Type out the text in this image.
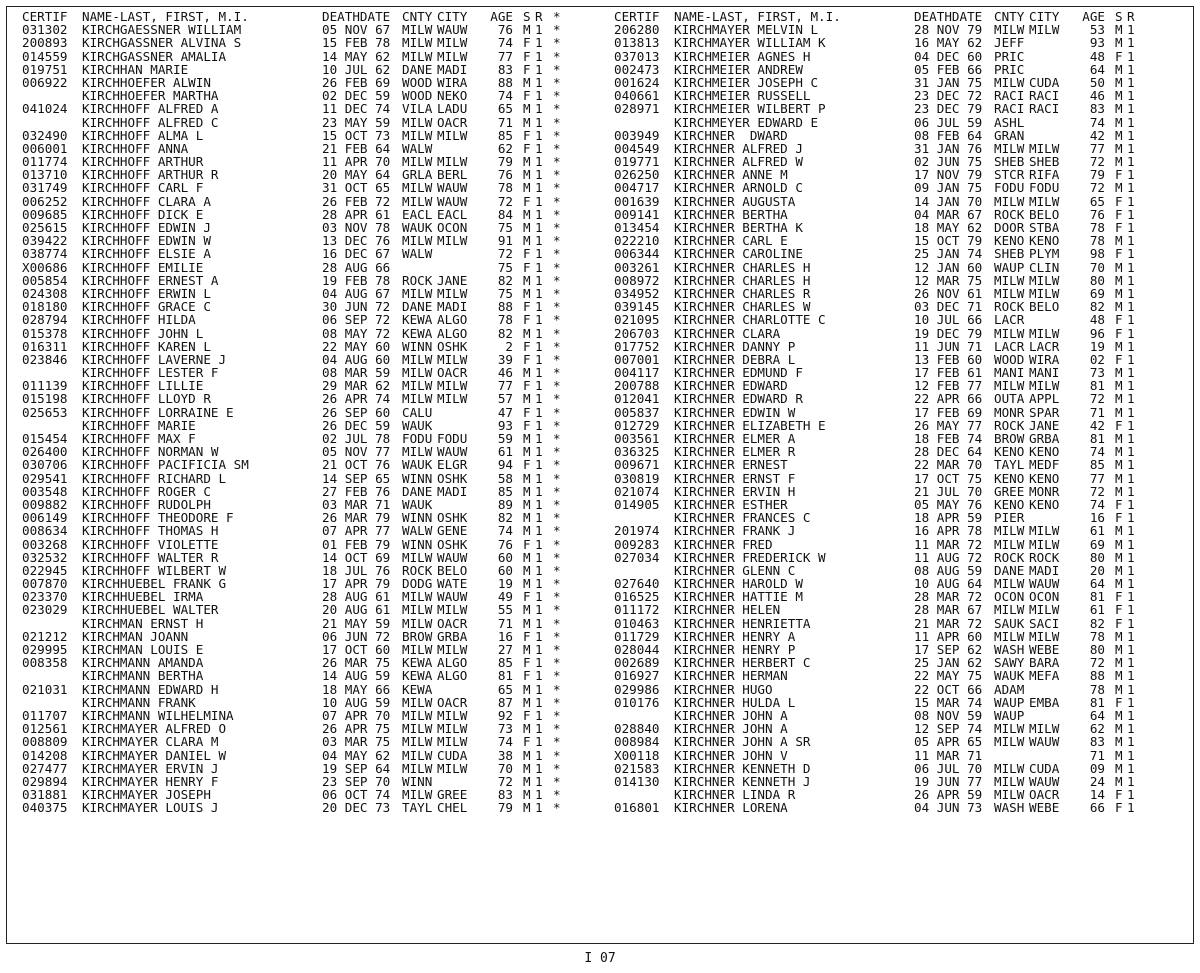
CERTIF	NAME-LAST, FIRST, M.I.	DEATHDATE CNTY CITY	AGE S R *
031302	KIRCHGAESSNER WILLIAM	05 NOV 67 MILW WAUW	76 M 1 *
200893	KIRCHGASSNER ALVINA S	15 FEB 78 MILW MILW	74 F 1 *
014559	KIRCHGASSNER AMALIA	14 MAY 62 MILW MILW	77 F 1 *
019751	KIRCHHAN MARIE	10 JUL 62 DANE MADI	83 F 1 *
006922	KIRCHHOEFER ALWIN	26 FEB 69 WOOD WIRA	88 M 1 *
KIRCHHOEFER MARTHA	02 DEC 59 WOOD NEKO	74 F 1 *
041024	KIRCHHOFF ALFRED A	11 DEC 74 VILA LADU	65 M 1 *
KIRCHHOFF ALFRED C	23 MAY 59 MILW OACR	71 M 1 *
032490	KIRCHHOFF ALMA L	15 OCT 73 MILW MILW	85 F 1 *
006001	KIRCHHOFF ANNA	21 FEB 64 WALW	62 F 1 *
011774	KIRCHHOFF ARTHUR	11 APR 70 MILW MILW	79 M 1 *
013710	KIRCHHOFF ARTHUR R	20 MAY 64 GRLA BERL	76 M 1 *
031749	KIRCHHOFF CARL F	31 OCT 65 MILW WAUW	78 M 1 *
006252	KIRCHHOFF CLARA A	26 FEB 72 MILW WAUW	72 F 1 *
009685	KIRCHHOFF DICK E	28 APR 61 EACL EACL	84 M 1 *
025615	KIRCHHOFF EDWIN J	03 NOV 78 WAUK OCON	75 M 1 *
039422	KIRCHHOFF EDWIN W	13 DEC 76 MILW MILW	91 M 1 *
038774	KIRCHHOFF ELSIE A	16 DEC 67 WALW	72 F 1 *
X00686	KIRCHHOFF EMILIE	28 AUG 66	75 F 1 *
005854	KIRCHHOFF ERNEST A	19 FEB 78 ROCK JANE	82 M 1 *
024308	KIRCHHOFF ERWIN L	04 AUG 67 MILW MILW	75 M 1 *
018180	KIRCHHOFF GRACE C	30 JUN 72 DANE MADI	88 F 1 *
028794	KIRCHHOFF HILDA	06 SEP 72 KEWA ALGO	78 F 1 *
015378	KIRCHHOFF JOHN L	08 MAY 72 KEWA ALGO	82 M 1 *
016311	KIRCHHOFF KAREN L	22 MAY 60 WINN OSHK	2 F 1 *
023846	KIRCHHOFF LAVERNE J	04 AUG 60 MILW MILW	39 F 1 *
KIRCHHOFF LESTER F	08 MAR 59 MILW OACR	46 M 1 *
011139	KIRCHHOFF LILLIE	29 MAR 62 MILW MILW	77 F 1 *
015198	KIRCHHOFF LLOYD R	26 APR 74 MILW MILW	57 M 1 *
025653	KIRCHHOFF LORRAINE E	26 SEP 60 CALU	47 F 1 *
KIRCHHOFF MARIE	26 DEC 59 WAUK	93 F 1 *
015454	KIRCHHOFF MAX F	02 JUL 78 FODU FODU	59 M 1 *
026400	KIRCHHOFF NORMAN W	05 NOV 77 MILW WAUW	61 M 1 *
030706	KIRCHHOFF PACIFICIA SM	21 OCT 76 WAUK ELGR	94 F 1 *
029541	KIRCHHOFF RICHARD L	14 SEP 65 WINN OSHK	58 M 1 *
003548	KIRCHHOFF ROGER C	27 FEB 76 DANE MADI	85 M 1 *
009882	KIRCHHOFF RUDOLPH	03 MAR 71 WAUK	89 M 1 *
006149	KIRCHHOFF THEODORE F	26 MAR 79 WINN OSHK	82 M 1 *
008634	KIRCHHOFF THOMAS H	07 APR 77 WALW GENE	74 M 1 *
003268	KIRCHHOFF VIOLETTE	01 FEB 79 WINN OSHK	76 F 1 *
032532	KIRCHHOFF WALTER R	14 OCT 69 MILW WAUW	60 M 1 *
022945	KIRCHHOFF WILBERT W	18 JUL 76 ROCK BELO	60 M 1 *
007870	KIRCHHUEBEL FRANK G	17 APR 79 DODG WATE	19 M 1 *
023370	KIRCHHUEBEL IRMA	28 AUG 61 MILW WAUW	49 F 1 *
023029	KIRCHHUEBEL WALTER	20 AUG 61 MILW MILW	55 M 1 *
KIRCHMAN ERNST H	21 MAY 59 MILW OACR	71 M 1 *
021212	KIRCHMAN JOANN	06 JUN 72 BROW GRBA	16 F 1 *
029995	KIRCHMAN LOUIS E	17 OCT 60 MILW MILW	27 M 1 *
008358	KIRCHMANN AMANDA	26 MAR 75 KEWA ALGO	85 F 1 *
KIRCHMANN BERTHA	14 AUG 59 KEWA ALGO	81 F 1 *
021031	KIRCHMANN EDWARD H	18 MAY 66 KEWA	65 M 1 *
KIRCHMANN FRANK	10 AUG 59 MILW OACR	87 M 1 *
011707	KIRCHMANN WILHELMINA	07 APR 70 MILW MILW	92 F 1 *
012561	KIRCHMAYER ALFRED O	26 APR 75 MILW MILW	73 M 1 *
008809	KIRCHMAYER CLARA M	03 MAR 75 MILW MILW	74 F 1 *
014208	KIRCHMAYER DANIEL W	04 MAY 62 MILW CUDA	38 M 1 *
027477	KIRCHMAYER ERVIN J	19 SEP 64 MILW MILW	70 M 1 *
029894	KIRCHMAYER HENRY F	23 SEP 70 WINN	72 M 1 *
031881	KIRCHMAYER JOSEPH	06 OCT 74 MILW GREE	83 M 1 *
040375	KIRCHMAYER LOUIS J	20 DEC 73 TAYL CHEL	79 M 1 *
CERTIF	NAME-LAST, FIRST, M.I.	DEATHDATE CNTY CITY	AGE S R
206280	KIRCHMAYER MELVIN L	28 NOV 79 MILW MILW	53 M 1
013813	KIRCHMAYER WILLIAM K	16 MAY 62 JEFF	93 M 1
037013	KIRCHMEIER AGNES H	04 DEC 60 PRIC	48 F 1
002473	KIRCHMEIER ANDREW	05 FEB 66 PRIC	64 M 1
001624	KIRCHMEIER JOSEPH C	31 JAN 75 MILW CUDA	50 M 1
040661	KIRCHMEIER RUSSELL	23 DEC 72 RACI RACI	46 M 1
028971	KIRCHMEIER WILBERT P	23 DEC 79 RACI RACI	83 M 1
KIRCHMEYER EDWARD E	06 JUL 59 ASHL	74 M 1
003949	KIRCHNER  DWARD	08 FEB 64 GRAN	42 M 1
004549	KIRCHNER ALFRED J	31 JAN 76 MILW MILW	77 M 1
019771	KIRCHNER ALFRED W	02 JUN 75 SHEB SHEB	72 M 1
026250	KIRCHNER ANNE M	17 NOV 79 STCR RIFA	79 F 1
004717	KIRCHNER ARNOLD C	09 JAN 75 FODU FODU	72 M 1
001639	KIRCHNER AUGUSTA	14 JAN 70 MILW MILW	65 F 1
009141	KIRCHNER BERTHA	04 MAR 67 ROCK BELO	76 F 1
013454	KIRCHNER BERTHA K	18 MAY 62 DOOR STBA	78 F 1
022210	KIRCHNER CARL E	15 OCT 79 KENO KENO	78 M 1
006344	KIRCHNER CAROLINE	25 JAN 74 SHEB PLYM	98 F 1
003261	KIRCHNER CHARLES H	12 JAN 60 WAUP CLIN	70 M 1
008972	KIRCHNER CHARLES H	12 MAR 75 MILW MILW	80 M 1
034952	KIRCHNER CHARLES R	26 NOV 61 MILW MILW	69 M 1
039145	KIRCHNER CHARLES W	03 DEC 71 ROCK BELO	82 M 1
021095	KIRCHNER CHARLOTTE C	10 JUL 66 LACR	48 F 1
206703	KIRCHNER CLARA	19 DEC 79 MILW MILW	96 F 1
017752	KIRCHNER DANNY P	11 JUN 71 LACR LACR	19 M 1
007001	KIRCHNER DEBRA L	13 FEB 60 WOOD WIRA	02 F 1
004117	KIRCHNER EDMUND F	17 FEB 61 MANI MANI	73 M 1
200788	KIRCHNER EDWARD	12 FEB 77 MILW MILW	81 M 1
012041	KIRCHNER EDWARD R	22 APR 66 OUTA APPL	72 M 1
005837	KIRCHNER EDWIN W	17 FEB 69 MONR SPAR	71 M 1
012729	KIRCHNER ELIZABETH E	26 MAY 77 ROCK JANE	42 F 1
003561	KIRCHNER ELMER A	18 FEB 74 BROW GRBA	81 M 1
036325	KIRCHNER ELMER R	28 DEC 64 KENO KENO	74 M 1
009671	KIRCHNER ERNEST	22 MAR 70 TAYL MEDF	85 M 1
030819	KIRCHNER ERNST F	17 OCT 75 KENO KENO	77 M 1
021074	KIRCHNER ERVIN H	21 JUL 70 GREE MONR	72 M 1
014905	KIRCHNER ESTHER	05 MAY 76 KENO KENO	74 F 1
KIRCHNER FRANCES C	18 APR 59 PIER	16 F 1
201974	KIRCHNER FRANK J	16 APR 78 MILW MILW	61 M 1
009283	KIRCHNER FRED	11 MAR 72 MILW MILW	69 M 1
027034	KIRCHNER FREDERICK W	11 AUG 72 ROCK ROCK	80 M 1
KIRCHNER GLENN C	08 AUG 59 DANE MADI	20 M 1
027640	KIRCHNER HAROLD W	10 AUG 64 MILW WAUW	64 M 1
016525	KIRCHNER HATTIE M	28 MAR 72 OCON OCON	81 F 1
011172	KIRCHNER HELEN	28 MAR 67 MILW MILW	61 F 1
010463	KIRCHNER HENRIETTA	21 MAR 72 SAUK SACI	82 F 1
011729	KIRCHNER HENRY A	11 APR 60 MILW MILW	78 M 1
028044	KIRCHNER HENRY P	17 SEP 62 WASH WEBE	80 M 1
002689	KIRCHNER HERBERT C	25 JAN 62 SAWY BARA	72 M 1
016927	KIRCHNER HERMAN	22 MAY 75 WAUK MEFA	88 M 1
029986	KIRCHNER HUGO	22 OCT 66 ADAM	78 M 1
010176	KIRCHNER HULDA L	15 MAR 74 WAUP EMBA	81 F 1
KIRCHNER JOHN A	08 NOV 59 WAUP	64 M 1
028840	KIRCHNER JOHN A	12 SEP 74 MILW MILW	62 M 1
008984	KIRCHNER JOHN A SR	05 APR 65 MILW WAUW	83 M 1
X00118	KIRCHNER JOHN V	11 MAR 71	71 M 1
021583	KIRCHNER KENNETH D	06 JUL 70 MILW CUDA	09 M 1
014130	KIRCHNER KENNETH J	19 JUN 77 MILW WAUW	24 M 1
KIRCHNER LINDA R	26 APR 59 MILW OACR	14 F 1
016801	KIRCHNER LORENA	04 JUN 73 WASH WEBE	66 F 1
I 07
